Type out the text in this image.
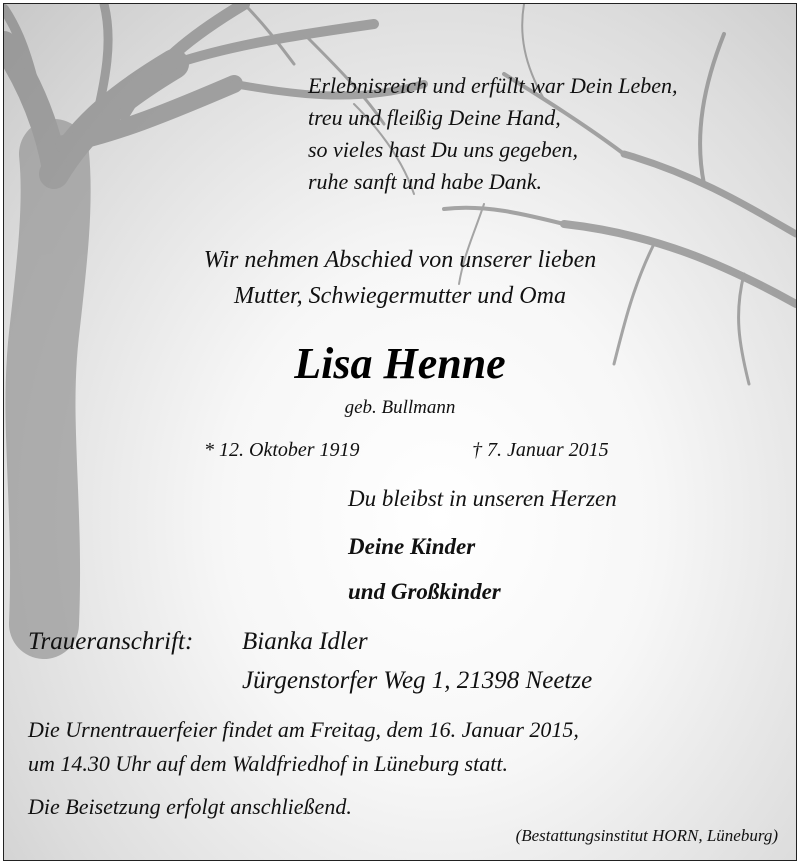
Erlebnisreich und erfüllt war Dein Leben,
treu und fleißig Deine Hand,
so vieles hast Du uns gegeben,
ruhe sanft und habe Dank.
Wir nehmen Abschied von unserer lieben
Mutter, Schwiegermutter und Oma
Lisa Henne
geb. Bullmann
* 12. Oktober 1919	† 7. Januar 2015
Du bleibst in unseren Herzen
Deine Kinder
und Großkinder
Traueranschrift: Bianka Idler
Jürgenstorfer Weg 1, 21398 Neetze
Die Urnentrauerfeier findet am Freitag, dem 16. Januar 2015,
um 14.30 Uhr auf dem Waldfriedhof in Lüneburg statt.
Die Beisetzung erfolgt anschließend.
(Bestattungsinstitut HORN, Lüneburg)
